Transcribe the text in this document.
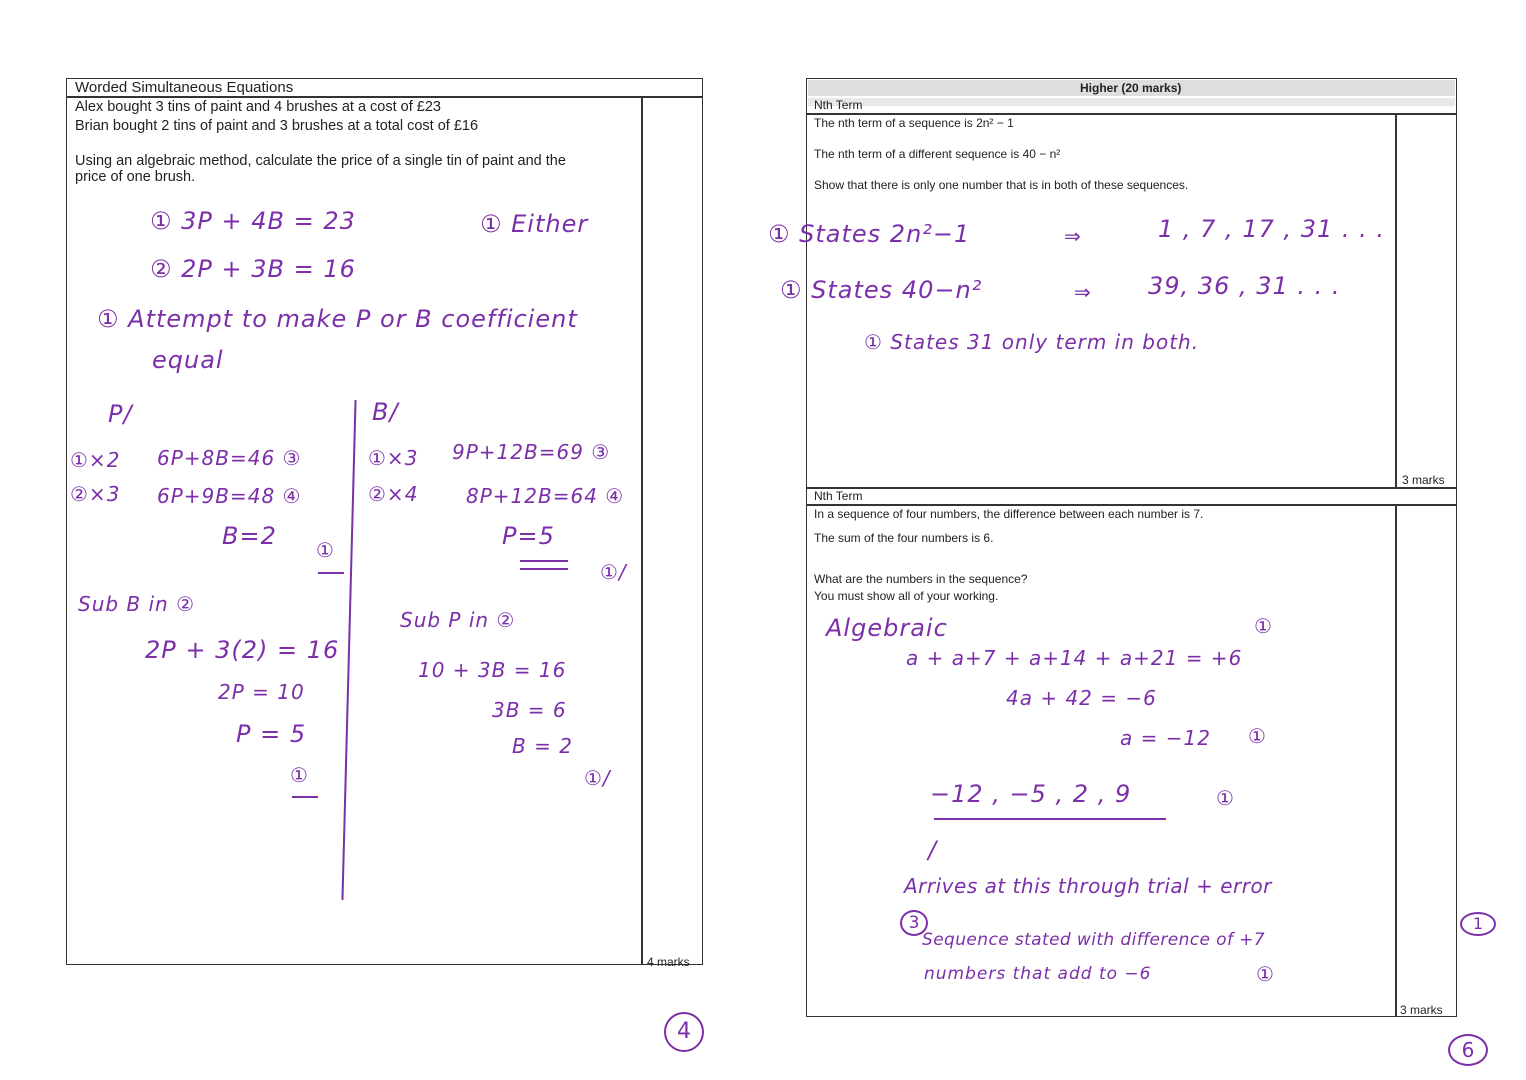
Worded Simultaneous Equations
Alex bought 3 tins of paint and 4 brushes at a cost of £23
Brian bought 2 tins of paint and 3 brushes at a total cost of £16
Using an algebraic method, calculate the price of a single tin of paint and the
price of one brush.
4 marks
① 3P + 4B = 23	① Either
② 2P + 3B = 16
① Attempt to make P or B coefficient
equal
P/	B/
①×2
②×3
6P+8B=46 ③
6P+9B=48 ④
B=2 ①
①×3
②×4
9P+12B=69 ③
8P+12B=64 ④
P=5
①/
Sub B in ②
2P + 3(2) = 16
2P = 10
P = 5
①
Sub P in ②
10 + 3B = 16
3B = 6
B = 2
①/
4
Higher (20 marks)
Nth Term
The nth term of a sequence is 2n² − 1
The nth term of a different sequence is 40 − n²
Show that there is only one number that is in both of these sequences.
3 marks
① States 2n²−1	⇒	1 , 7 , 17 , 31 . . .
① States 40−n²	⇒ 39, 36 , 31 . . .
① States 31 only term in both.
Nth Term
In a sequence of four numbers, the difference between each number is 7.
The sum of the four numbers is 6.
What are the numbers in the sequence?
You must show all of your working.
3 marks
Algebraic	①
a + a+7 + a+14 + a+21 = +6
4a + 42 = −6
a = −12 ①
−12 , −5 , 2 , 9	①
/
Arrives at this through trial + error
3
Sequence stated with difference of +7
1
numbers that add to −6	①
6
